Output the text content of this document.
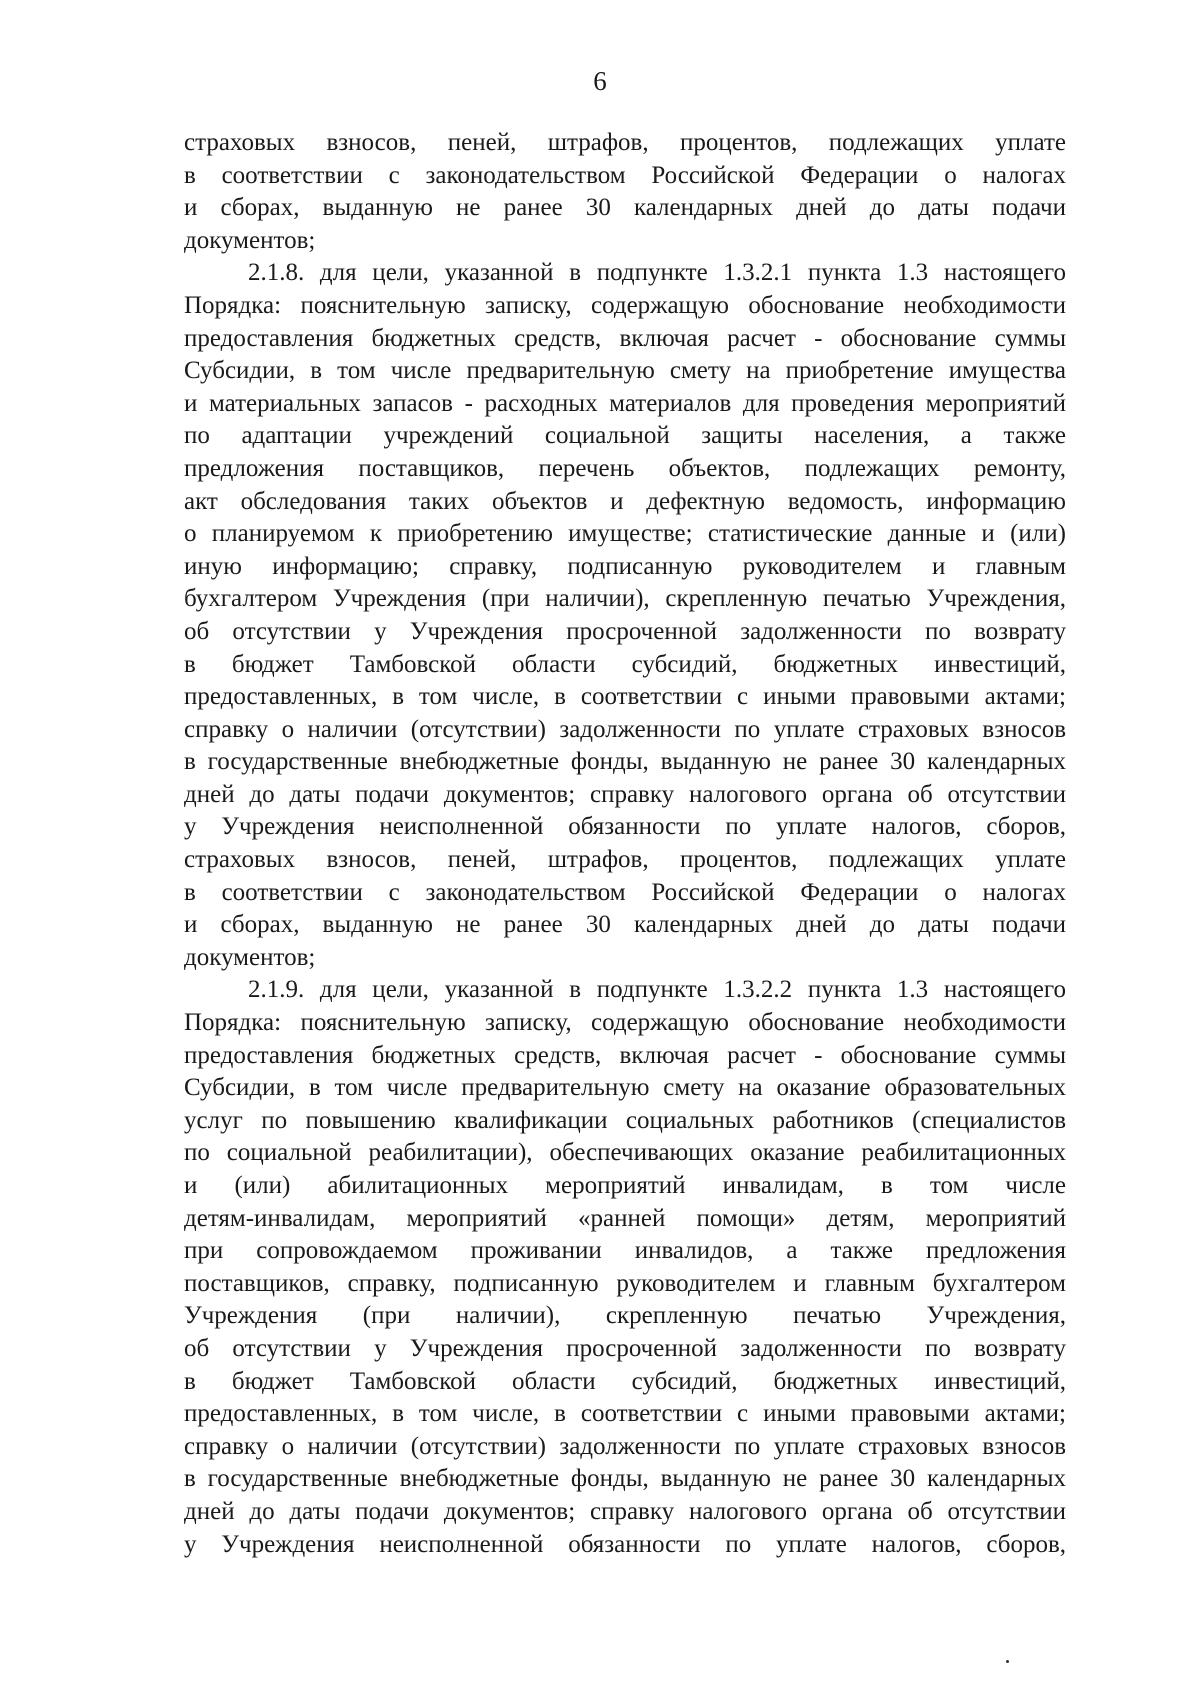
6
страховых взносов, пеней, штрафов, процентов, подлежащих уплате
в соответствии с законодательством Российской Федерации о налогах
и сборах, выданную не ранее 30 календарных дней до даты подачи
документов;
2.1.8. для цели, указанной в подпункте 1.3.2.1 пункта 1.3 настоящего
Порядка: пояснительную записку, содержащую обоснование необходимости
предоставления бюджетных средств, включая расчет - обоснование суммы
Субсидии, в том числе предварительную смету на приобретение имущества
и материальных запасов - расходных материалов для проведения мероприятий
по адаптации учреждений социальной защиты населения, а также
предложения поставщиков, перечень объектов, подлежащих ремонту,
акт обследования таких объектов и дефектную ведомость, информацию
о планируемом к приобретению имуществе; статистические данные и (или)
иную информацию; справку, подписанную руководителем и главным
бухгалтером Учреждения (при наличии), скрепленную печатью Учреждения,
об отсутствии у Учреждения просроченной задолженности по возврату
в бюджет Тамбовской области субсидий, бюджетных инвестиций,
предоставленных, в том числе, в соответствии с иными правовыми актами;
справку о наличии (отсутствии) задолженности по уплате страховых взносов
в государственные внебюджетные фонды, выданную не ранее 30 календарных
дней до даты подачи документов; справку налогового органа об отсутствии
у Учреждения неисполненной обязанности по уплате налогов, сборов,
страховых взносов, пеней, штрафов, процентов, подлежащих уплате
в соответствии с законодательством Российской Федерации о налогах
и сборах, выданную не ранее 30 календарных дней до даты подачи
документов;
2.1.9. для цели, указанной в подпункте 1.3.2.2 пункта 1.3 настоящего
Порядка: пояснительную записку, содержащую обоснование необходимости
предоставления бюджетных средств, включая расчет - обоснование суммы
Субсидии, в том числе предварительную смету на оказание образовательных
услуг по повышению квалификации социальных работников (специалистов
по социальной реабилитации), обеспечивающих оказание реабилитационных
и (или) абилитационных мероприятий инвалидам, в том числе
детям-инвалидам, мероприятий «ранней помощи» детям, мероприятий
при сопровождаемом проживании инвалидов, а также предложения
поставщиков, справку, подписанную руководителем и главным бухгалтером
Учреждения (при наличии), скрепленную печатью Учреждения,
об отсутствии у Учреждения просроченной задолженности по возврату
в бюджет Тамбовской области субсидий, бюджетных инвестиций,
предоставленных, в том числе, в соответствии с иными правовыми актами;
справку о наличии (отсутствии) задолженности по уплате страховых взносов
в государственные внебюджетные фонды, выданную не ранее 30 календарных
дней до даты подачи документов; справку налогового органа об отсутствии
у Учреждения неисполненной обязанности по уплате налогов, сборов,
